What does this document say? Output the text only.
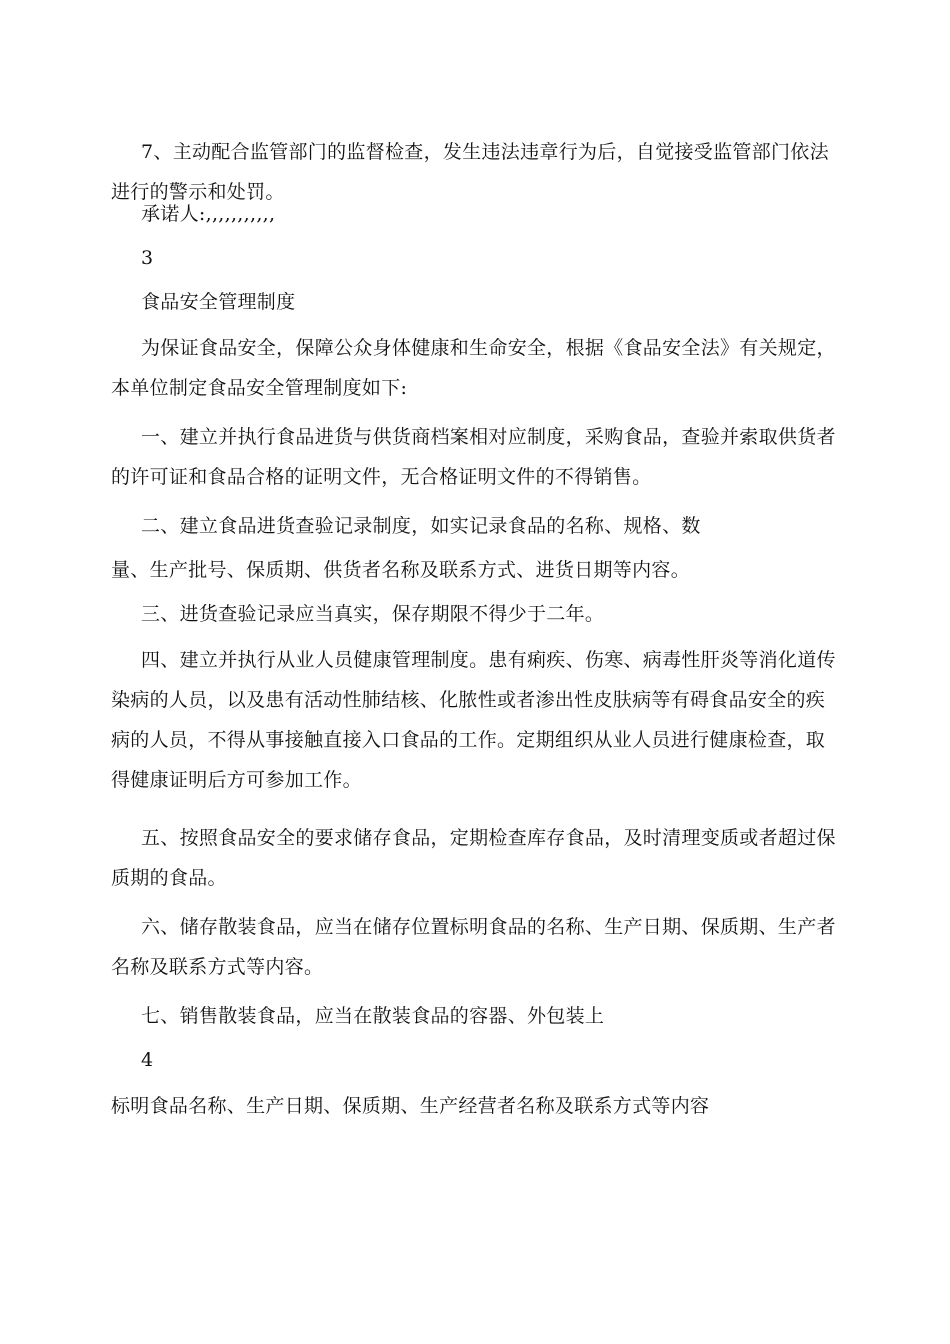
7、主动配合监管部门的监督检查，发生违法违章行为后，自觉接受监管部门依法进行的警示和处罚。

承诺人:,,,,,,,,,,,

3

食品安全管理制度

为保证食品安全，保障公众身体健康和生命安全，根据《食品安全法》有关规定，本单位制定食品安全管理制度如下:

一、建立并执行食品进货与供货商档案相对应制度，采购食品，查验并索取供货者的许可证和食品合格的证明文件，无合格证明文件的不得销售。

二、建立食品进货查验记录制度，如实记录食品的名称、规格、数

量、生产批号、保质期、供货者名称及联系方式、进货日期等内容。

三、进货查验记录应当真实，保存期限不得少于二年。

四、建立并执行从业人员健康管理制度。患有痢疾、伤寒、病毒性肝炎等消化道传染病的人员，以及患有活动性肺结核、化脓性或者渗出性皮肤病等有碍食品安全的疾病的人员，不得从事接触直接入口食品的工作。定期组织从业人员进行健康检查，取得健康证明后方可参加工作。

五、按照食品安全的要求储存食品，定期检查库存食品，及时清理变质或者超过保质期的食品。

六、储存散装食品，应当在储存位置标明食品的名称、生产日期、保质期、生产者名称及联系方式等内容。

七、销售散装食品，应当在散装食品的容器、外包装上

4

标明食品名称、生产日期、保质期、生产经营者名称及联系方式等内容
